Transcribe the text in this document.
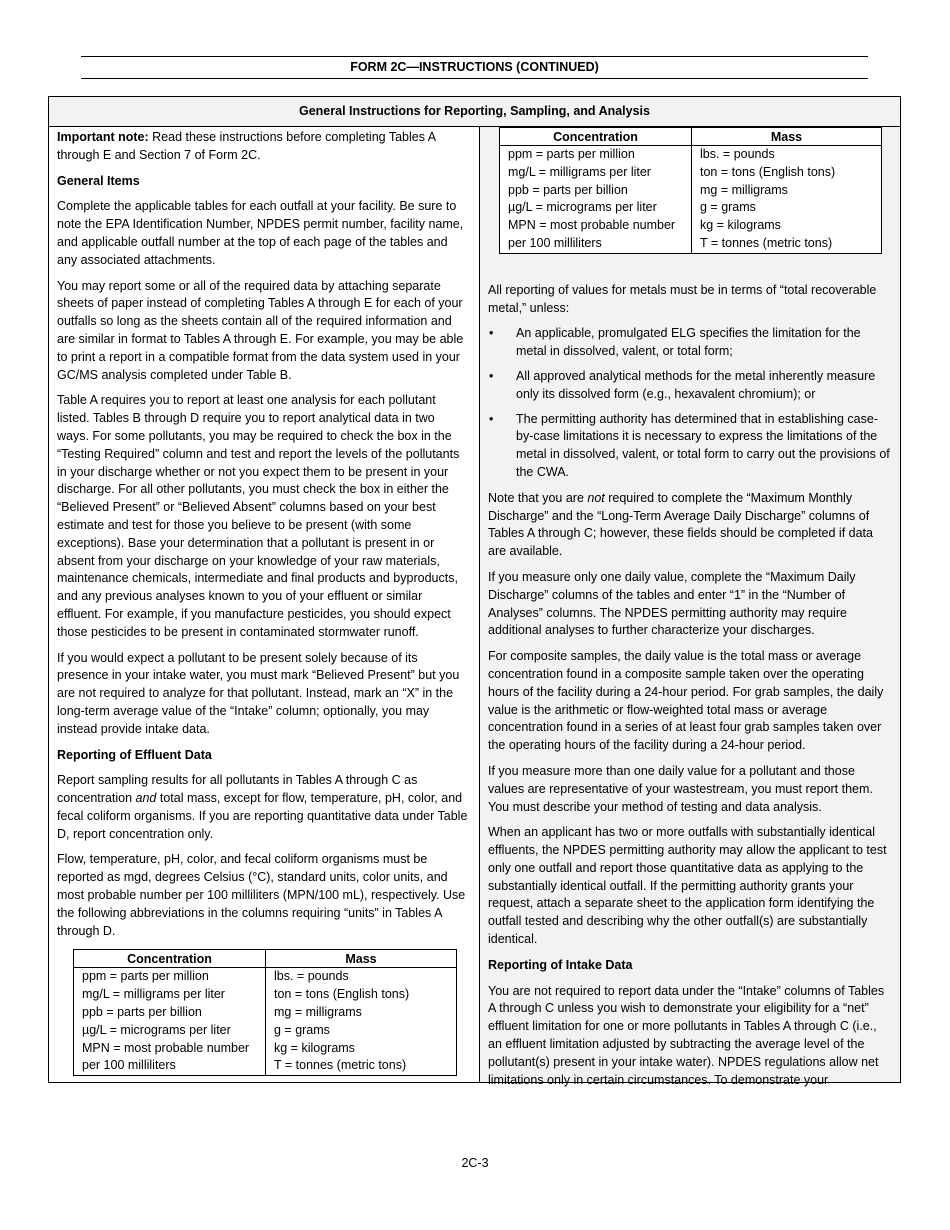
FORM 2C—INSTRUCTIONS (CONTINUED)
General Instructions for Reporting, Sampling, and Analysis

Important note: Read these instructions before completing Tables A through E and Section 7 of Form 2C.

General Items

Complete the applicable tables for each outfall at your facility. Be sure to note the EPA Identification Number, NPDES permit number, facility name, and applicable outfall number at the top of each page of the tables and any associated attachments.

You may report some or all of the required data by attaching separate sheets of paper instead of completing Tables A through E for each of your outfalls so long as the sheets contain all of the required information and are similar in format to Tables A through E. For example, you may be able to print a report in a compatible format from the data system used in your GC/MS analysis completed under Table B.

Table A requires you to report at least one analysis for each pollutant listed. Tables B through D require you to report analytical data in two ways. For some pollutants, you may be required to check the box in the “Testing Required” column and test and report the levels of the pollutants in your discharge whether or not you expect them to be present in your discharge. For all other pollutants, you must check the box in either the “Believed Present” or “Believed Absent” columns based on your best estimate and test for those you believe to be present (with some exceptions). Base your determination that a pollutant is present in or absent from your discharge on your knowledge of your raw materials, maintenance chemicals, intermediate and final products and byproducts, and any previous analyses known to you of your effluent or similar effluent. For example, if you manufacture pesticides, you should expect those pesticides to be present in contaminated stormwater runoff.

If you would expect a pollutant to be present solely because of its presence in your intake water, you must mark “Believed Present” but you are not required to analyze for that pollutant. Instead, mark an “X” in the long-term average value of the “Intake” column; optionally, you may instead provide intake data.

Reporting of Effluent Data

Report sampling results for all pollutants in Tables A through C as concentration and total mass, except for flow, temperature, pH, color, and fecal coliform organisms. If you are reporting quantitative data under Table D, report concentration only.

Flow, temperature, pH, color, and fecal coliform organisms must be reported as mgd, degrees Celsius (°C), standard units, color units, and most probable number per 100 milliliters (MPN/100 mL), respectively. Use the following abbreviations in the columns requiring “units” in Tables A through D.

Concentration	Mass
ppm = parts per million	lbs. = pounds
mg/L = milligrams per liter	ton = tons (English tons)
ppb = parts per billion	mg = milligrams
µg/L = micrograms per liter	g = grams
MPN = most probable number	kg = kilograms
per 100 milliliters	T = tonnes (metric tons)
Concentration	Mass
ppm = parts per million	lbs. = pounds
mg/L = milligrams per liter	ton = tons (English tons)
ppb = parts per billion	mg = milligrams
µg/L = micrograms per liter	g = grams
MPN = most probable number	kg = kilograms
per 100 milliliters	T = tonnes (metric tons)

All reporting of values for metals must be in terms of “total recoverable metal,” unless:

• An applicable, promulgated ELG specifies the limitation for the metal in dissolved, valent, or total form;
• All approved analytical methods for the metal inherently measure only its dissolved form (e.g., hexavalent chromium); or
• The permitting authority has determined that in establishing case-by-case limitations it is necessary to express the limitations of the metal in dissolved, valent, or total form to carry out the provisions of the CWA.

Note that you are not required to complete the “Maximum Monthly Discharge” and the “Long-Term Average Daily Discharge” columns of Tables A through C; however, these fields should be completed if data are available.

If you measure only one daily value, complete the “Maximum Daily Discharge” columns of the tables and enter “1” in the “Number of Analyses” columns. The NPDES permitting authority may require additional analyses to further characterize your discharges.

For composite samples, the daily value is the total mass or average concentration found in a composite sample taken over the operating hours of the facility during a 24-hour period. For grab samples, the daily value is the arithmetic or flow-weighted total mass or average concentration found in a series of at least four grab samples taken over the operating hours of the facility during a 24-hour period.

If you measure more than one daily value for a pollutant and those values are representative of your wastestream, you must report them. You must describe your method of testing and data analysis.

When an applicant has two or more outfalls with substantially identical effluents, the NPDES permitting authority may allow the applicant to test only one outfall and report those quantitative data as applying to the substantially identical outfall. If the permitting authority grants your request, attach a separate sheet to the application form identifying the outfall tested and describing why the other outfall(s) are substantially identical.

Reporting of Intake Data

You are not required to report data under the “Intake” columns of Tables A through C unless you wish to demonstrate your eligibility for a “net” effluent limitation for one or more pollutants in Tables A through C (i.e., an effluent limitation adjusted by subtracting the average level of the pollutant(s) present in your intake water). NPDES regulations allow net limitations only in certain circumstances. To demonstrate your

2C-3
